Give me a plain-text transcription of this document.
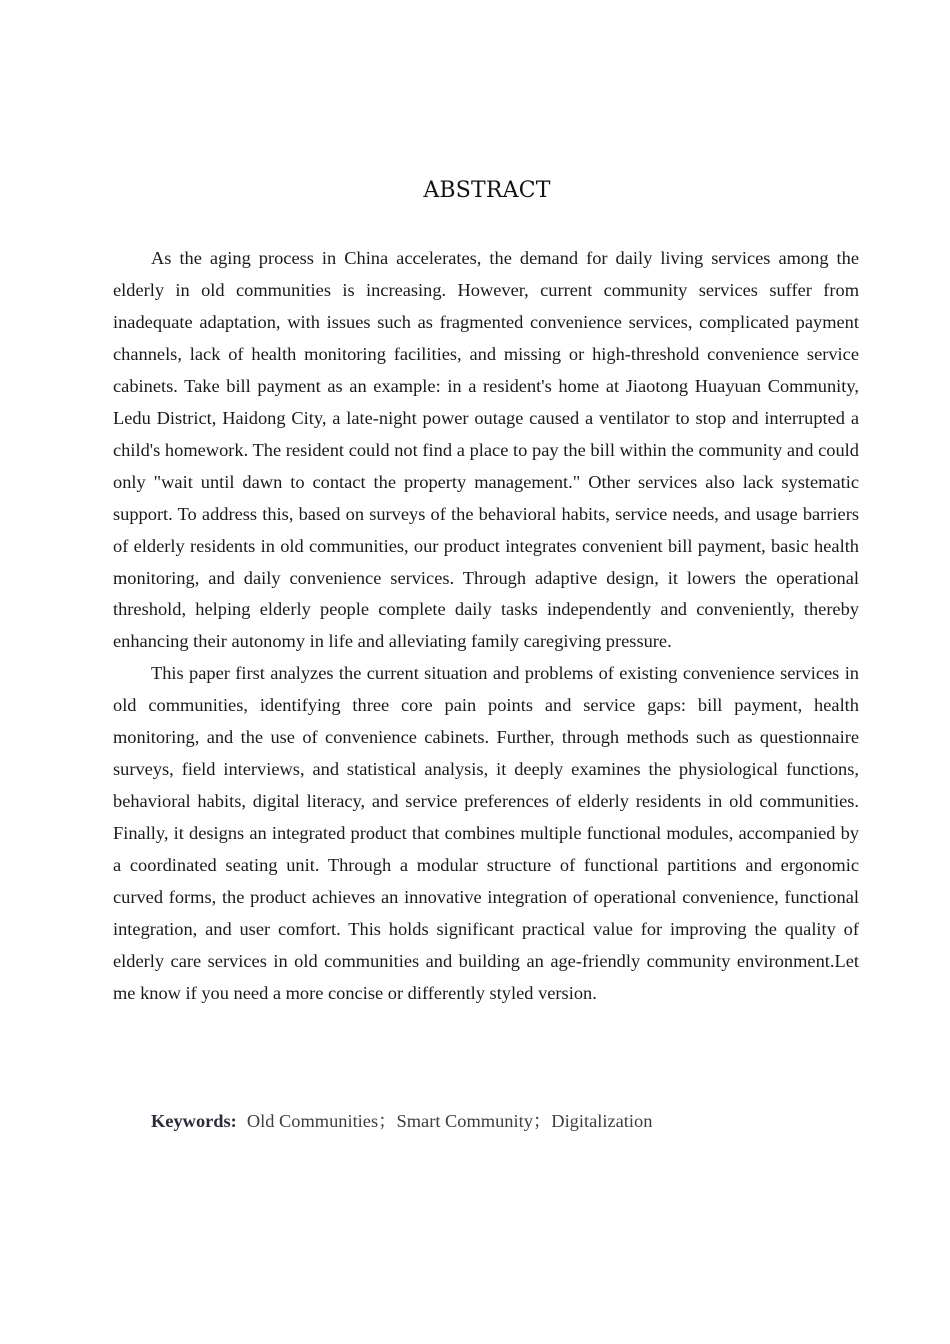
ABSTRACT

As the aging process in China accelerates, the demand for daily living services among the elderly in old communities is increasing. However, current community services suffer from inadequate adaptation, with issues such as fragmented convenience services, complicated payment channels, lack of health monitoring facilities, and missing or high-threshold convenience service cabinets. Take bill payment as an example: in a resident's home at Jiaotong Huayuan Community, Ledu District, Haidong City, a late-night power outage caused a ventilator to stop and interrupted a child's homework. The resident could not find a place to pay the bill within the community and could only "wait until dawn to contact the property management." Other services also lack systematic support. To address this, based on surveys of the behavioral habits, service needs, and usage barriers of elderly residents in old communities, our product integrates convenient bill payment, basic health monitoring, and daily convenience services. Through adaptive design, it lowers the operational threshold, helping elderly people complete daily tasks independently and conveniently, thereby enhancing their autonomy in life and alleviating family caregiving pressure.

This paper first analyzes the current situation and problems of existing convenience services in old communities, identifying three core pain points and service gaps: bill payment, health monitoring, and the use of convenience cabinets. Further, through methods such as questionnaire surveys, field interviews, and statistical analysis, it deeply examines the physiological functions, behavioral habits, digital literacy, and service preferences of elderly residents in old communities. Finally, it designs an integrated product that combines multiple functional modules, accompanied by a coordinated seating unit. Through a modular structure of functional partitions and ergonomic curved forms, the product achieves an innovative integration of operational convenience, functional integration, and user comfort. This holds significant practical value for improving the quality of elderly care services in old communities and building an age-friendly community environment.Let me know if you need a more concise or differently styled version.

Keywords: Old Communities；Smart Community；Digitalization
